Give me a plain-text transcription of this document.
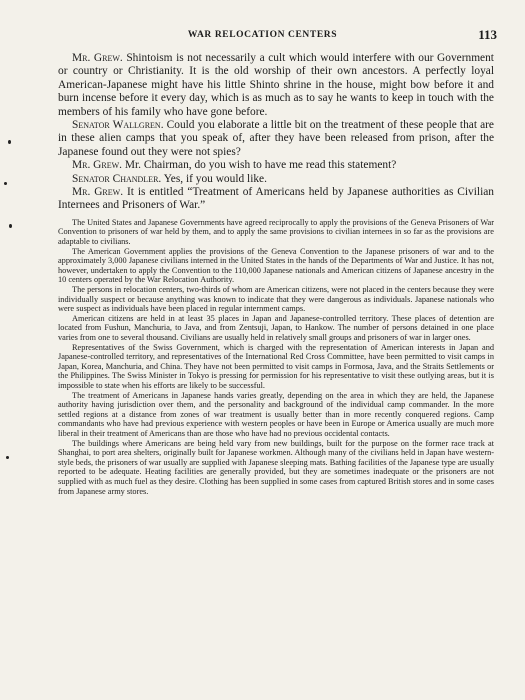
WAR RELOCATION CENTERS	113

Mr. Grew. Shintoism is not necessarily a cult which would interfere with our Government or country or Christianity. It is the old worship of their own ancestors. A perfectly loyal American-Japanese might have his little Shinto shrine in the house, might bow before it and burn incense before it every day, which is as much as to say he wants to keep in touch with the members of his family who have gone before.

Senator Wallgren. Could you elaborate a little bit on the treatment of these people that are in these alien camps that you speak of, after they have been released from prison, after the Japanese found out they were not spies?

Mr. Grew. Mr. Chairman, do you wish to have me read this statement?

Senator Chandler. Yes, if you would like.

Mr. Grew. It is entitled “Treatment of Americans held by Japanese authorities as Civilian Internees and Prisoners of War.”

The United States and Japanese Governments have agreed reciprocally to apply the provisions of the Geneva Prisoners of War Convention to prisoners of war held by them, and to apply the same provisions to civilian internees in so far as the provisions are adaptable to civilians.

The American Government applies the provisions of the Geneva Convention to the Japanese prisoners of war and to the approximately 3,000 Japanese civilians interned in the United States in the hands of the Departments of War and Justice. It has not, however, undertaken to apply the Convention to the 110,000 Japanese nationals and American citizens of Japanese ancestry in the 10 centers operated by the War Relocation Authority.

The persons in relocation centers, two-thirds of whom are American citizens, were not placed in the centers because they were individually suspect or because anything was known to indicate that they were dangerous as individuals. Japanese nationals who were suspect as individuals have been placed in regular internment camps.

American citizens are held in at least 35 places in Japan and Japanese-controlled territory. These places of detention are located from Fushun, Manchuria, to Java, and from Zentsuji, Japan, to Hankow. The number of persons detained in one place varies from one to several thousand. Civilians are usually held in relatively small groups and prisoners of war in larger ones.

Representatives of the Swiss Government, which is charged with the representation of American interests in Japan and Japanese-controlled territory, and representatives of the International Red Cross Committee, have been permitted to visit camps in Japan, Korea, Manchuria, and China. They have not been permitted to visit camps in Formosa, Java, and the Straits Settlements or the Philippines. The Swiss Minister in Tokyo is pressing for permission for his representative to visit these outlying areas, but it is impossible to state when his efforts are likely to be successful.

The treatment of Americans in Japanese hands varies greatly, depending on the area in which they are held, the Japanese authority having jurisdiction over them, and the personality and background of the individual camp commander. In the more settled regions at a distance from zones of war treatment is usually better than in more recently conquered regions. Camp commandants who have had previous experience with western peoples or have been in Europe or America usually are much more liberal in their treatment of Americans than are those who have had no previous occidental contacts.

The buildings where Americans are being held vary from new buildings, built for the purpose on the former race track at Shanghai, to port area shelters, originally built for Japanese workmen. Although many of the civilians held in Japan have western-style beds, the prisoners of war usually are supplied with Japanese sleeping mats. Bathing facilities of the Japanese type are usually reported to be adequate. Heating facilities are generally provided, but they are sometimes inadequate or the prisoners are not supplied with as much fuel as they desire. Clothing has been supplied in some cases from captured British stores and in some cases from Japanese army stores.
